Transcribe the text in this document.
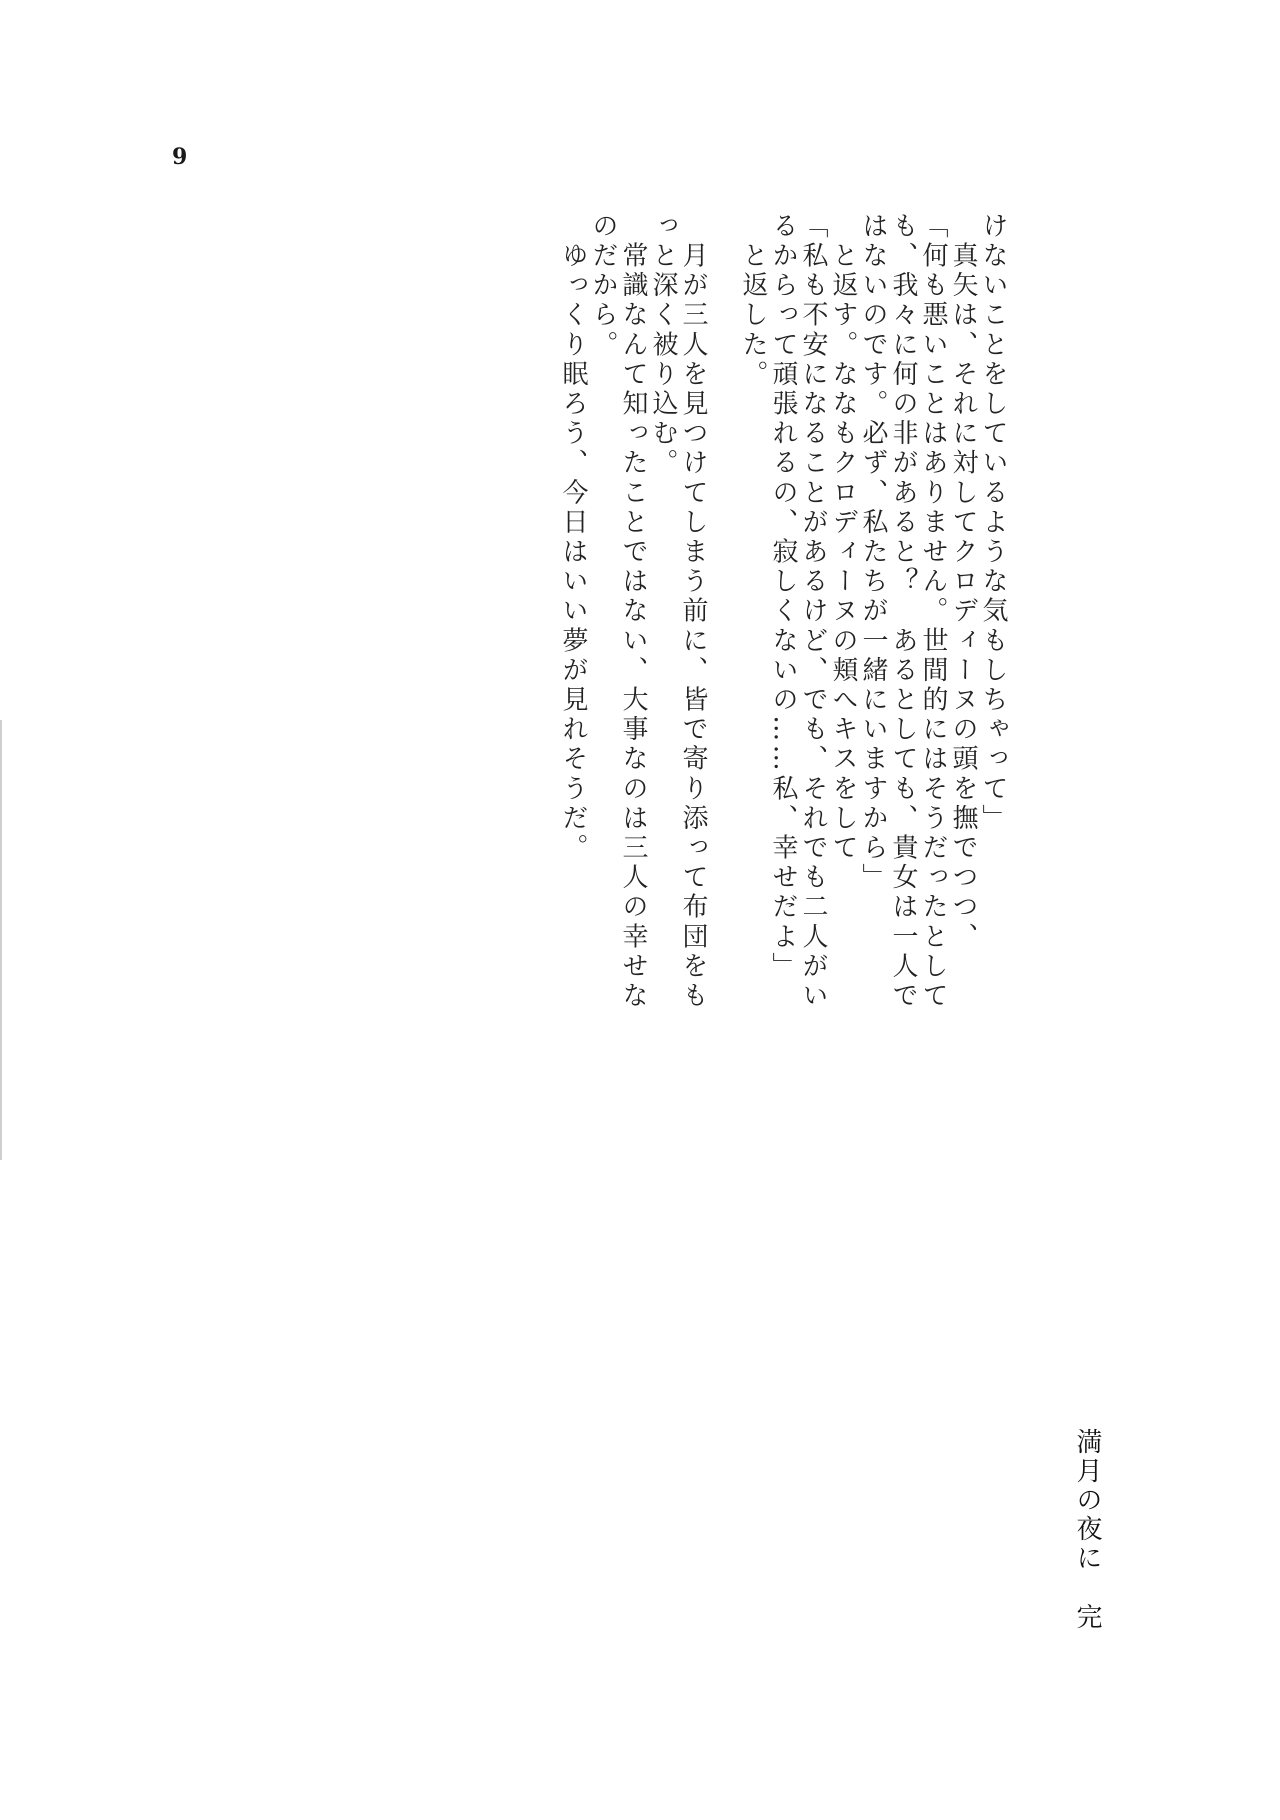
9
けないことをしているような気もしちゃって」
　真矢は、それに対してクロディーヌの頭を撫でつつ、
「何も悪いことはありません。世間的にはそうだったとして
も、我々に何の非があると？　あるとしても、貴女は一人で
はないのです。必ず、私たちが一緒にいますから」
　と返す。ななもクロディーヌの頬へキスをして
「私も不安になることがあるけど、でも、それでも二人がい
るからって頑張れるの、寂しくないの……私、幸せだよ」
　と返した。
　月が三人を見つけてしまう前に、皆で寄り添って布団をも
っと深く被り込む。
　常識なんて知ったことではない、大事なのは三人の幸せな
のだから。
　ゆっくり眠ろう、今日はいい夢が見れそうだ。
満月の夜に完
